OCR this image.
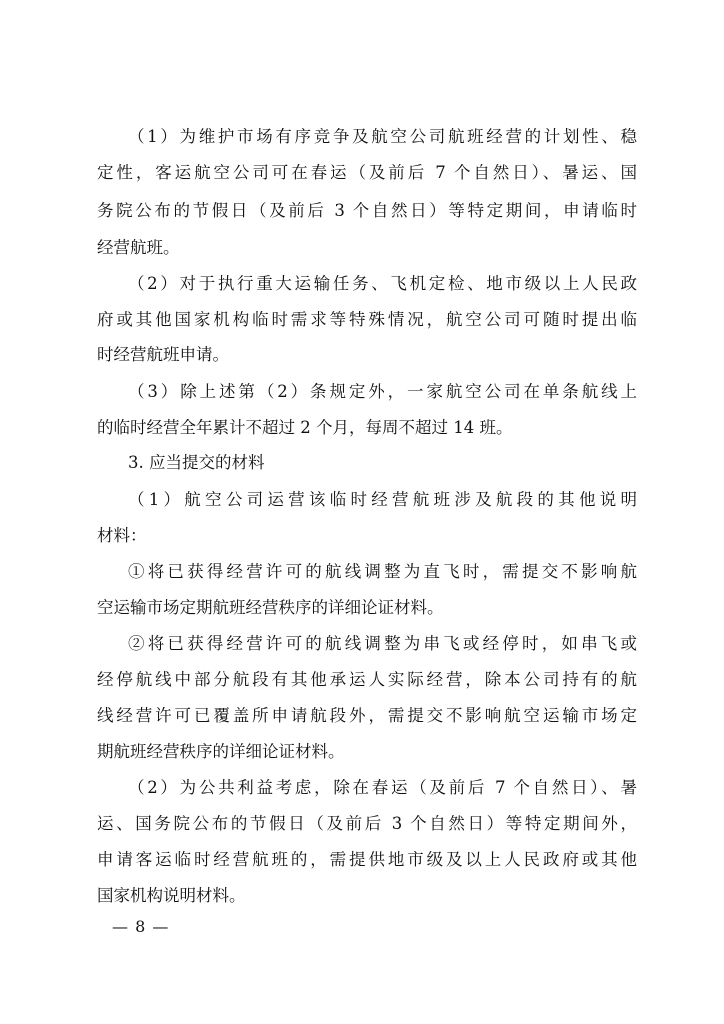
（1）为维护市场有序竞争及航空公司航班经营的计划性、稳
定性，客运航空公司可在春运（及前后 7 个自然日）、暑运、国
务院公布的节假日（及前后 3 个自然日）等特定期间，申请临时
经营航班。
（2）对于执行重大运输任务、飞机定检、地市级以上人民政
府或其他国家机构临时需求等特殊情况，航空公司可随时提出临
时经营航班申请。
（3）除上述第（2）条规定外，一家航空公司在单条航线上
的临时经营全年累计不超过 2 个月，每周不超过 14 班。
3. 应当提交的材料
（1）航空公司运营该临时经营航班涉及航段的其他说明
材料：
①将已获得经营许可的航线调整为直飞时，需提交不影响航
空运输市场定期航班经营秩序的详细论证材料。
②将已获得经营许可的航线调整为串飞或经停时，如串飞或
经停航线中部分航段有其他承运人实际经营，除本公司持有的航
线经营许可已覆盖所申请航段外，需提交不影响航空运输市场定
期航班经营秩序的详细论证材料。
（2）为公共利益考虑，除在春运（及前后 7 个自然日）、暑
运、国务院公布的节假日（及前后 3 个自然日）等特定期间外，
申请客运临时经营航班的，需提供地市级及以上人民政府或其他
国家机构说明材料。
— 8 —
